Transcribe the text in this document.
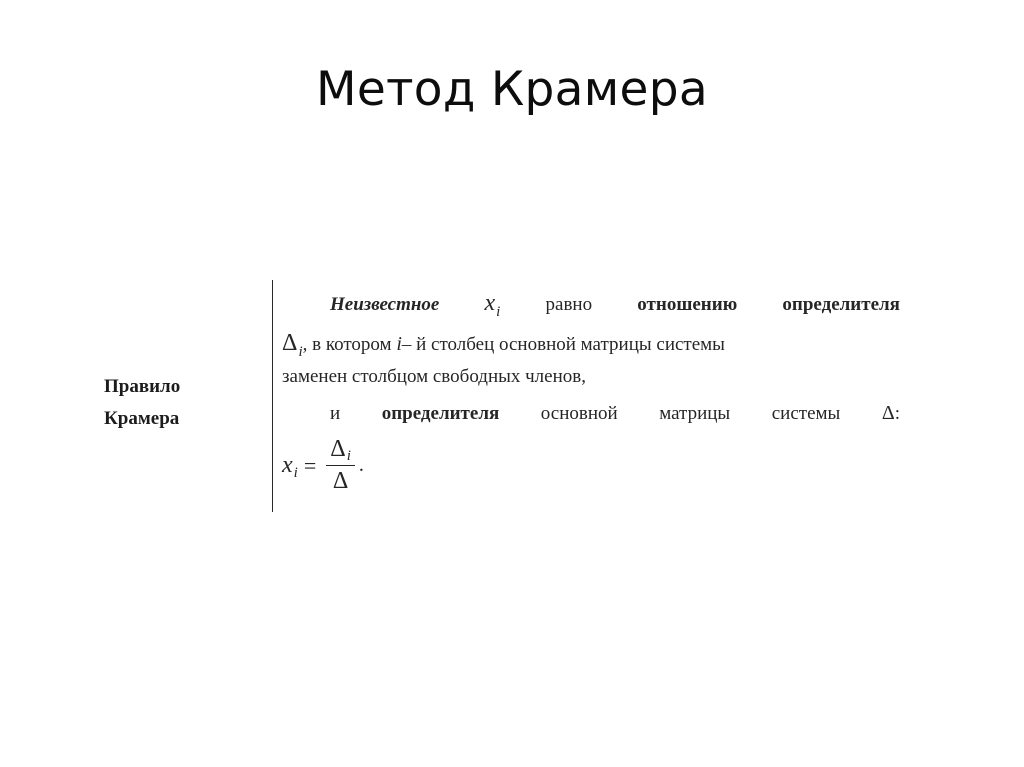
Метод Крамера
Правило
Крамера
Неизвестное $x_i$ равно отношению определителя
$\Delta_i$, в котором i– й столбец основной матрицы системы
заменен столбцом свободных членов,
и определителя основной матрицы системы Δ:
x $i = \frac{\Delta_i}{\Delta}$ .
